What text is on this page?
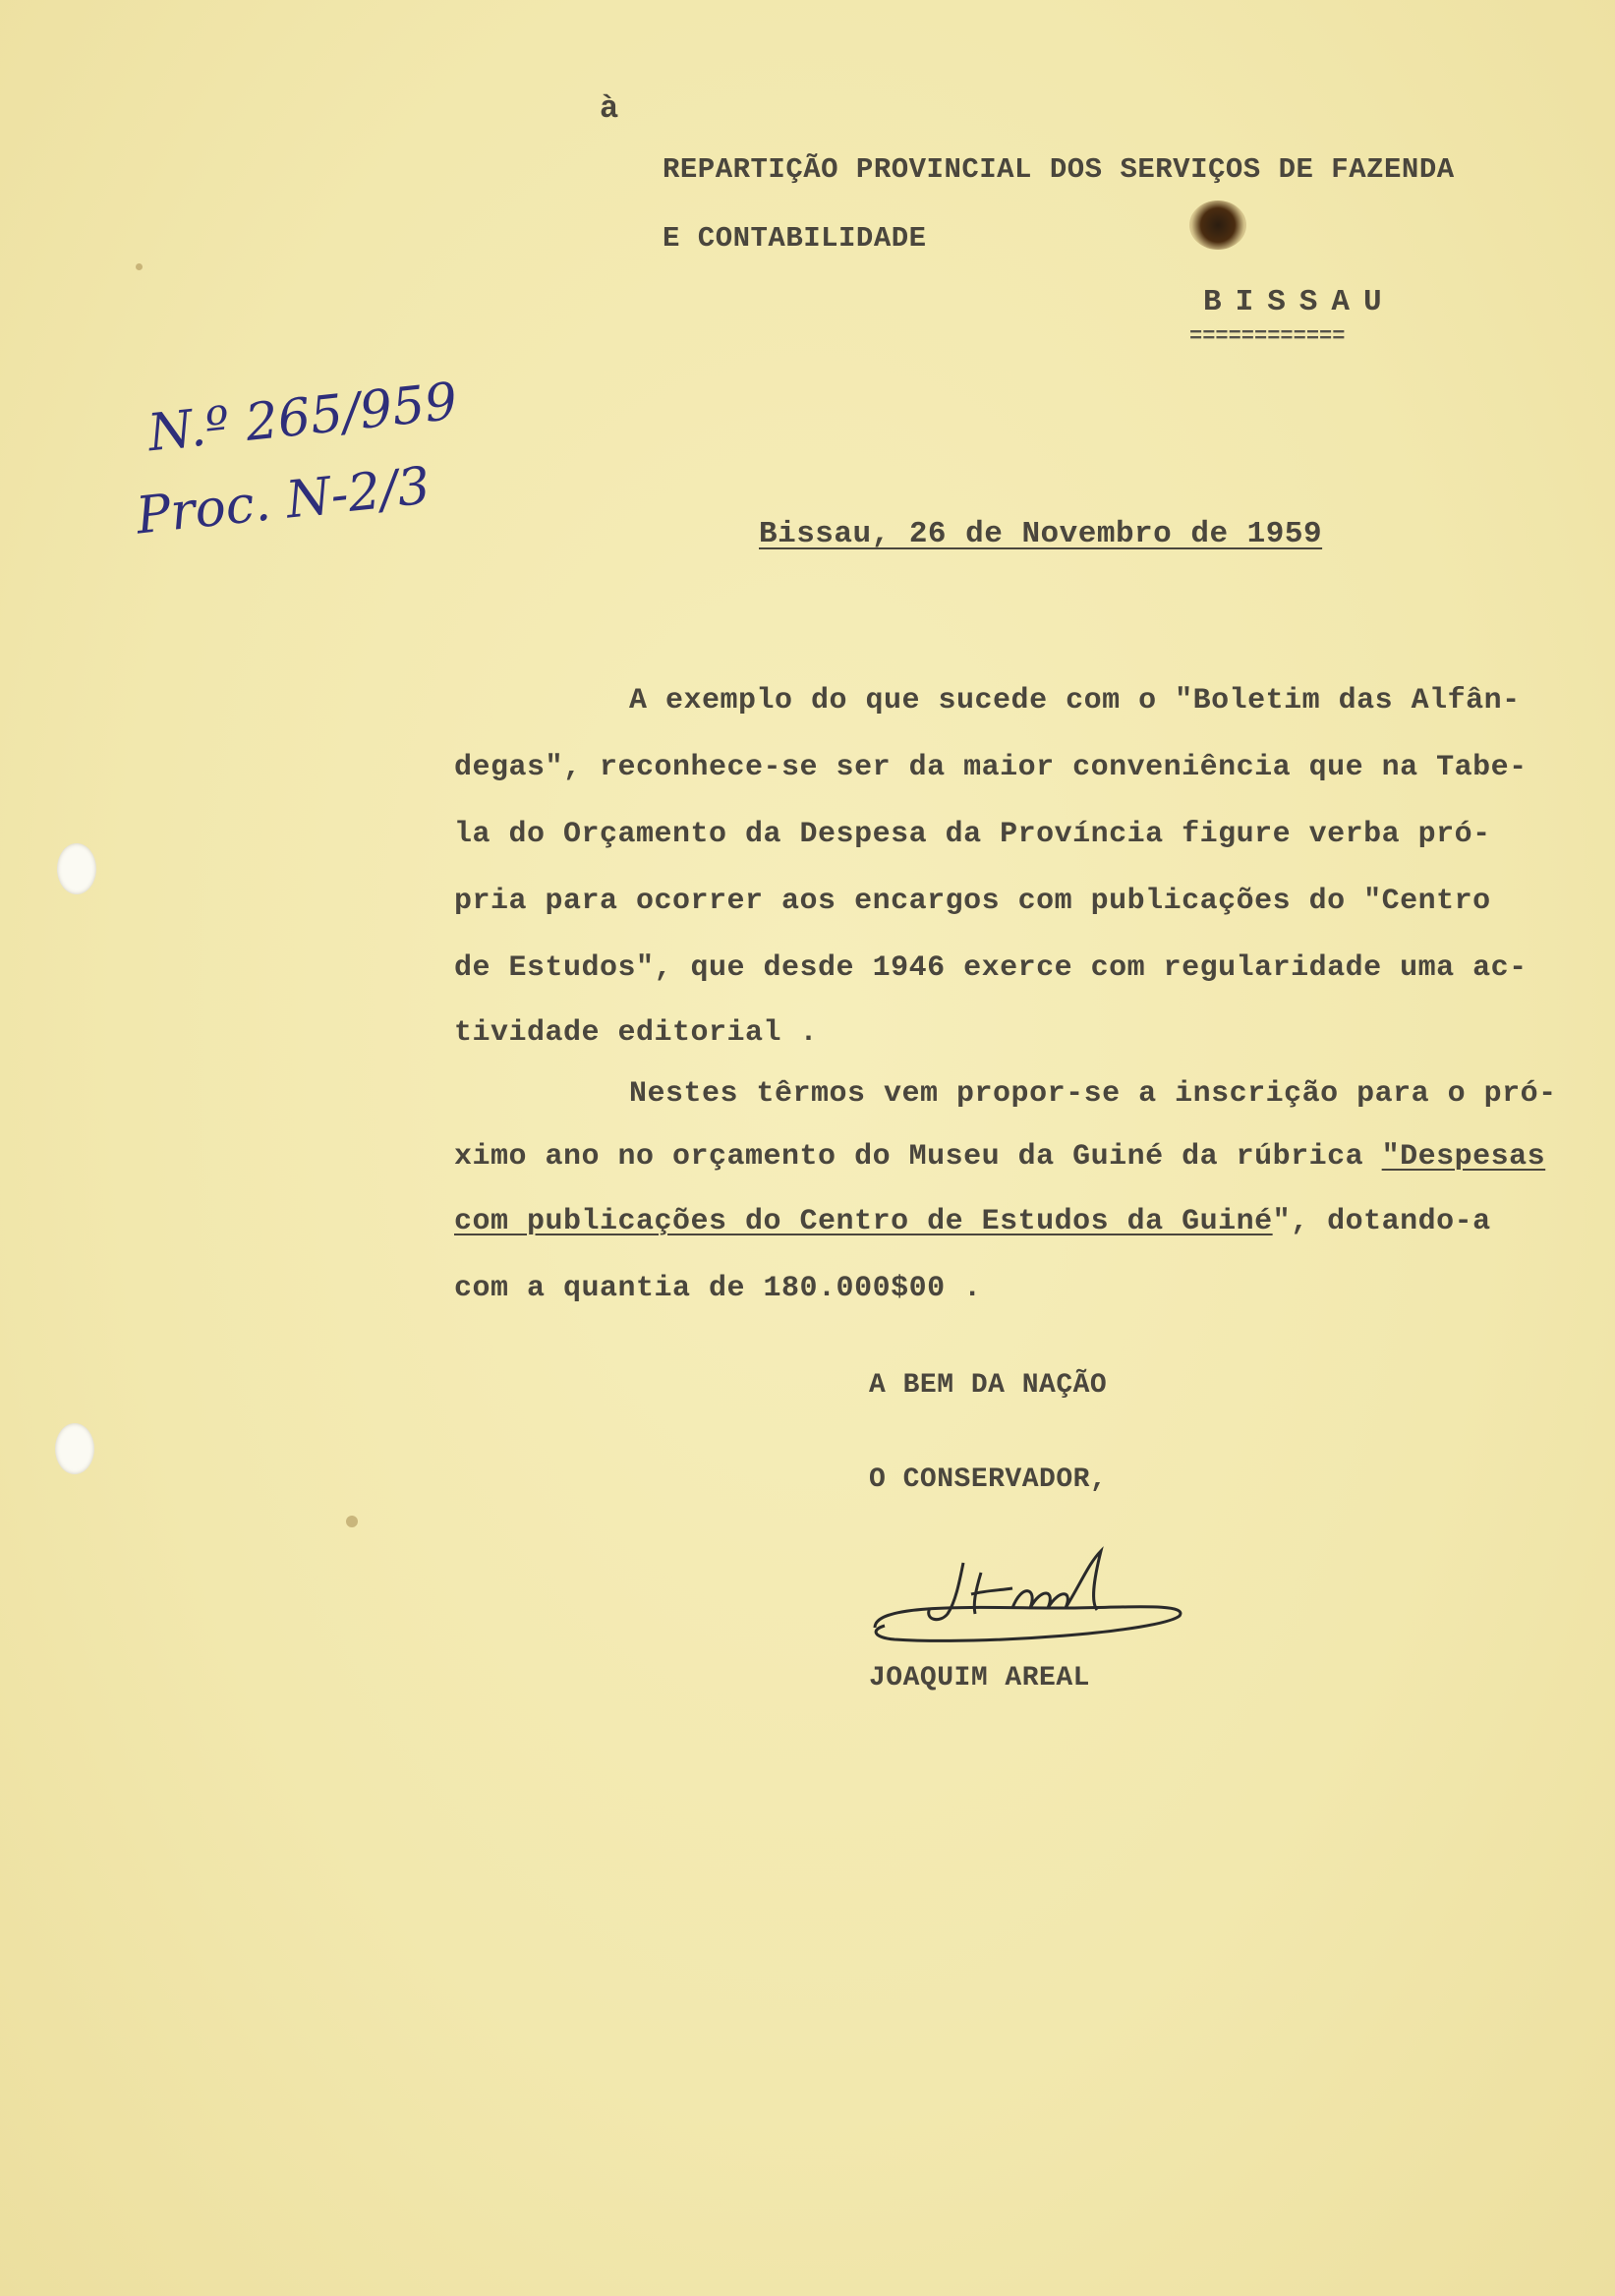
à
REPARTIÇÃO PROVINCIAL DOS SERVIÇOS DE FAZENDA
E CONTABILIDADE
BISSAU
============
N.º 265/959
Proc. N-2/3	Bissau, 26 de Novembro de 1959
A exemplo do que sucede com o "Boletim das Alfân-
degas", reconhece-se ser da maior conveniência que na Tabe-
la do Orçamento da Despesa da Província figure verba pró-
pria para ocorrer aos encargos com publicações do "Centro
de Estudos", que desde 1946 exerce com regularidade uma ac-
tividade editorial .
Nestes têrmos vem propor-se a inscrição para o pró-
ximo ano no orçamento do Museu da Guiné da rúbrica "Despesas
com publicações do Centro de Estudos da Guiné", dotando-a
com a quantia de 180.000$00 .
A BEM DA NAÇÃO
O CONSERVADOR,
JOAQUIM AREAL
